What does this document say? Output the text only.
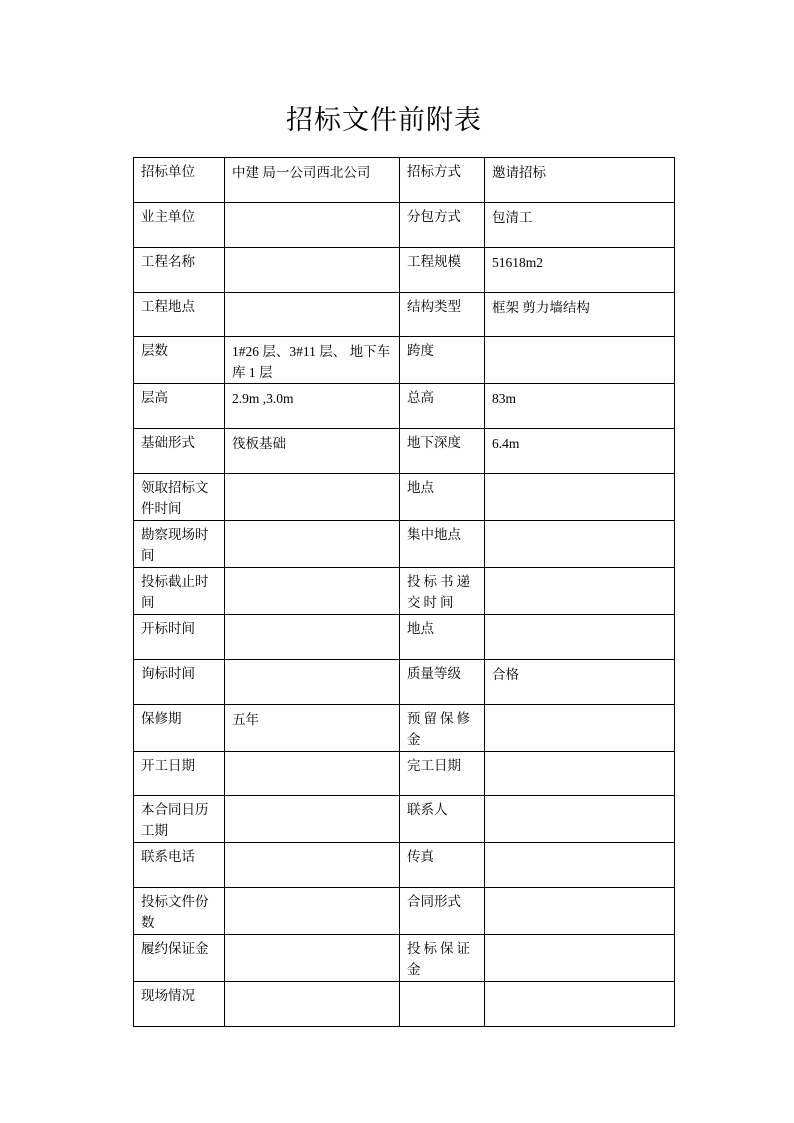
招标文件前附表
招标单位	中建 局一公司西北公司	招标方式	邀请招标
业主单位		分包方式	包清工
工程名称		工程规模	51618m2
工程地点		结构类型	框架 剪力墙结构
层数	1#26 层、3#11 层、 地下车库 1 层	跨度	
层高	2.9m ,3.0m	总高	83m
基础形式	筏板基础	地下深度	6.4m
领取招标文件时间		地点	
勘察现场时间		集中地点	
投标截止时间		投标书递交时间	
开标时间		地点	
询标时间		质量等级	合格
保修期	五年	预留保修金	
开工日期		完工日期	
本合同日历工期		联系人	
联系电话		传真	
投标文件份数		合同形式	
履约保证金		投标保证金	
现场情况			
